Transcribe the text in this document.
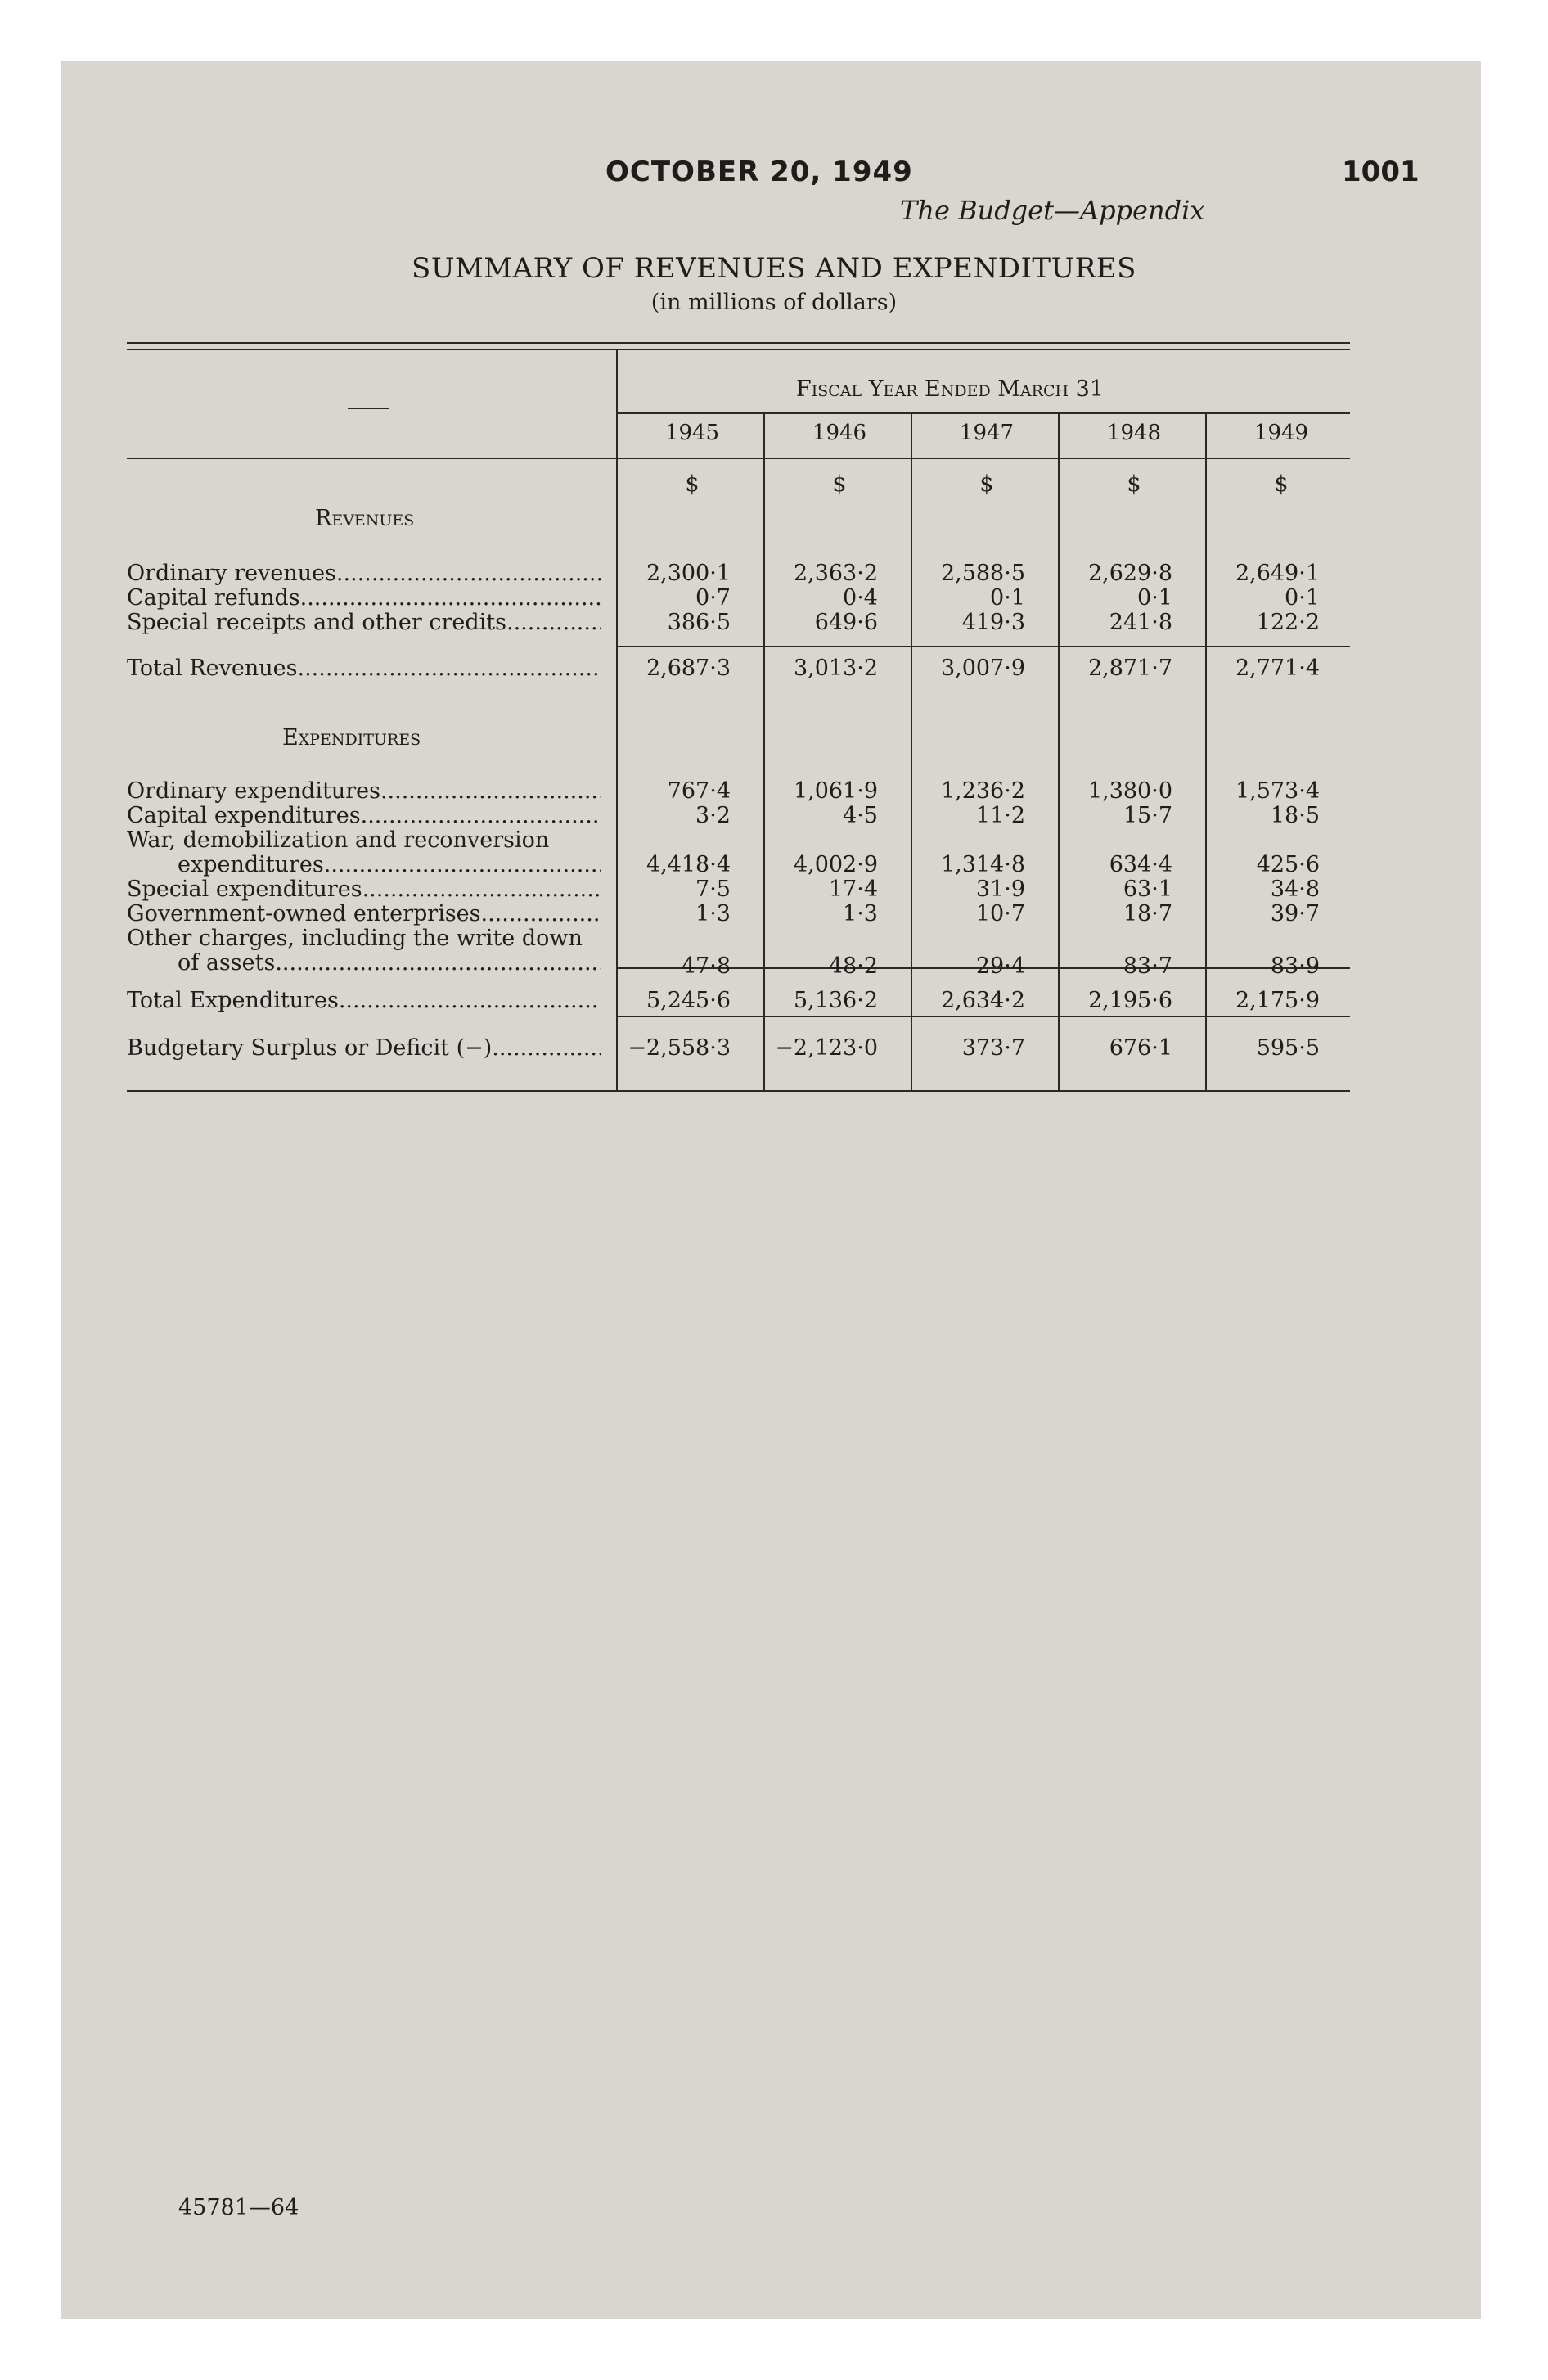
OCTOBER 20, 1949	1001
The Budget—Appendix
SUMMARY OF REVENUES AND EXPENDITURES
(in millions of dollars)
Fiscal Year Ended March 31
1945	1946	1947	1948	1949
$	$	$	$	$
Revenues
Expenditures
Ordinary revenues .....	2,300·1	2,363·2	2,588·5	2,629·8	2,649·1
Capital refunds .....	0·7	0·4	0·1	0·1	0·1
Special receipts and other credits .....	386·5	649·6	419·3	241·8	122·2
Total Revenues .....	2,687·3	3,013·2	3,007·9	2,871·7	2,771·4
Ordinary expenditures .....	767·4	1,061·9	1,236·2	1,380·0	1,573·4
Capital expenditures .....	3·2	4·5	11·2	15·7	18·5
War, demobilization and reconversion
expenditures .....	4,418·4	4,002·9	1,314·8	634·4	425·6
Special expenditures .....	7·5	17·4	31·9	63·1	34·8
Government-owned enterprises .....	1·3	1·3	10·7	18·7	39·7
Other charges, including the write down
of assets .....	47·8	48·2	29·4	83·7	83·9
Total Expenditures .....	5,245·6	5,136·2	2,634·2	2,195·6	2,175·9
Budgetary Surplus or Deficit (−) .....	−2,558·3	−2,123·0	373·7	676·1	595·5
45781—64
